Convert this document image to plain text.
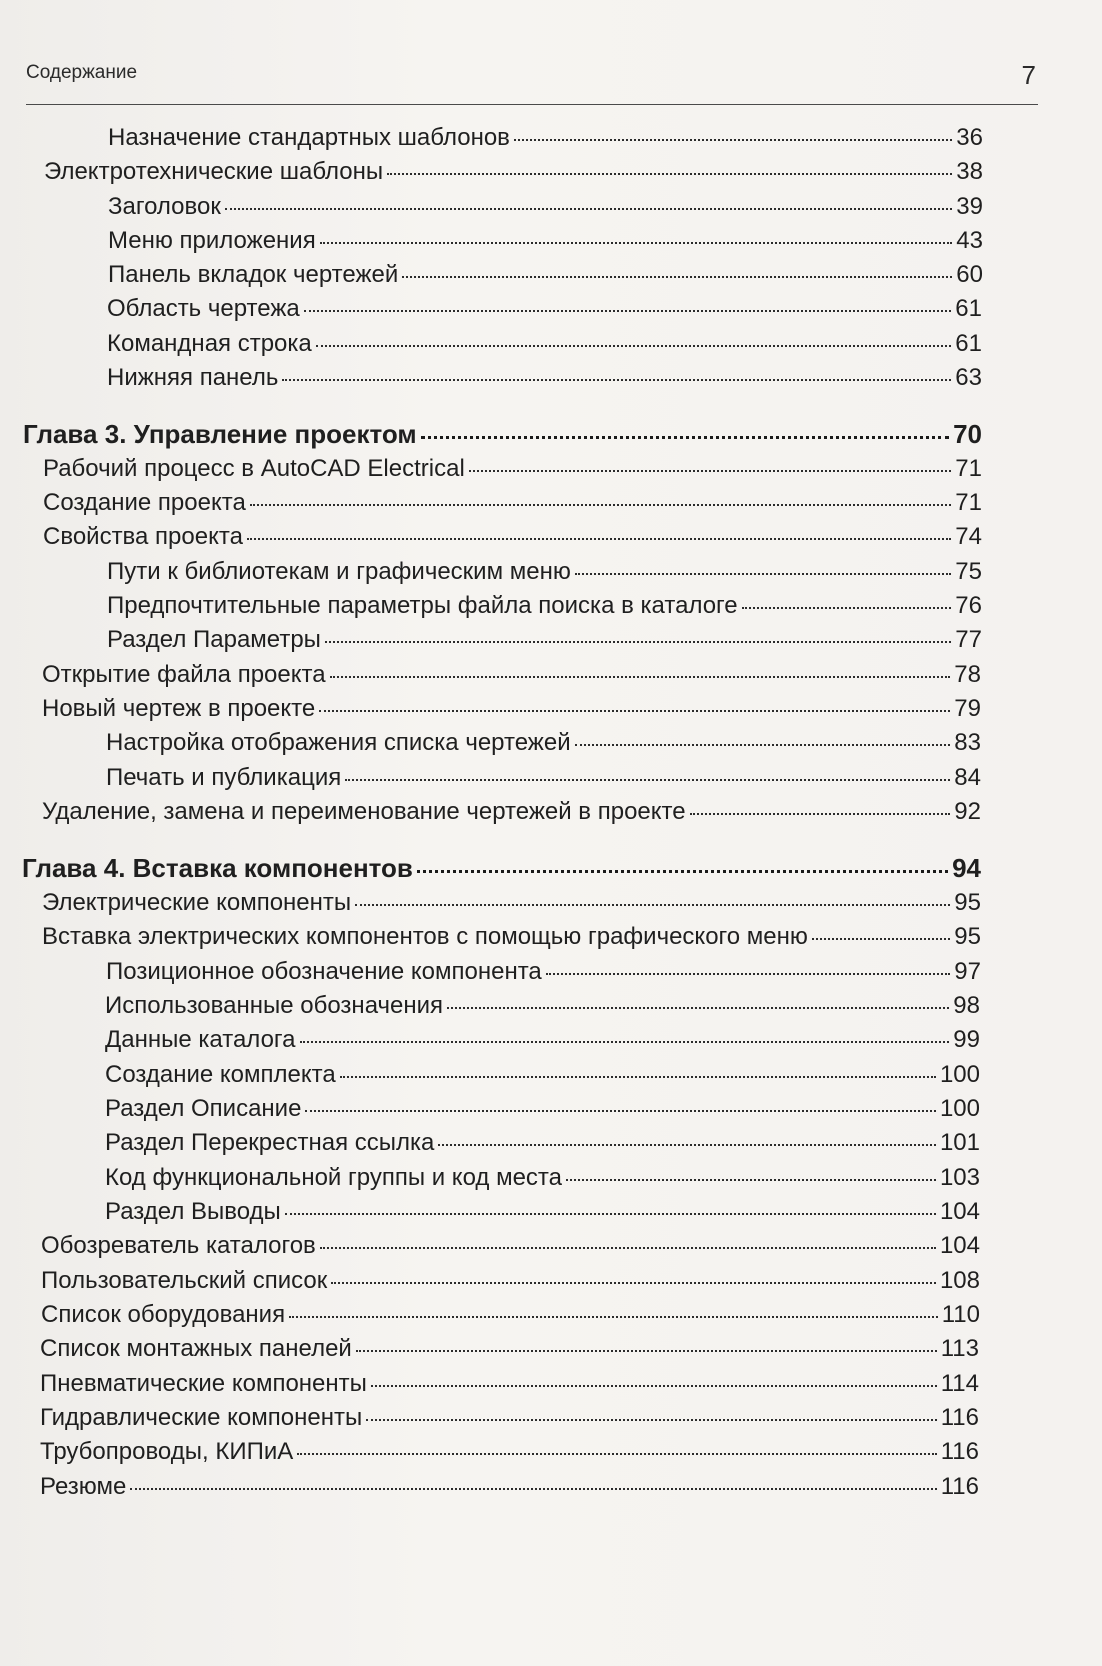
Содержание	7
Назначение стандартных шаблонов	36
Электротехнические шаблоны	38
Заголовок	39
Меню приложения	43
Панель вкладок чертежей	60
Область чертежа	61
Командная строка	61
Нижняя панель	63
Глава 3. Управление проектом	70
Рабочий процесс в AutoCAD Electrical	71
Создание проекта	71
Свойства проекта	74
Пути к библиотекам и графическим меню	75
Предпочтительные параметры файла поиска в каталоге	76
Раздел Параметры	77
Открытие файла проекта	78
Новый чертеж в проекте	79
Настройка отображения списка чертежей	83
Печать и публикация	84
Удаление, замена и переименование чертежей в проекте	92
Глава 4. Вставка компонентов	94
Электрические компоненты	95
Вставка электрических компонентов с помощью графического меню	95
Позиционное обозначение компонента	97
Использованные обозначения	98
Данные каталога	99
Создание комплекта	100
Раздел Описание	100
Раздел Перекрестная ссылка	101
Код функциональной группы и код места	103
Раздел Выводы	104
Обозреватель каталогов	104
Пользовательский список	108
Список оборудования	110
Список монтажных панелей	113
Пневматические компоненты	114
Гидравлические компоненты	116
Трубопроводы, КИПиА	116
Резюме	116
